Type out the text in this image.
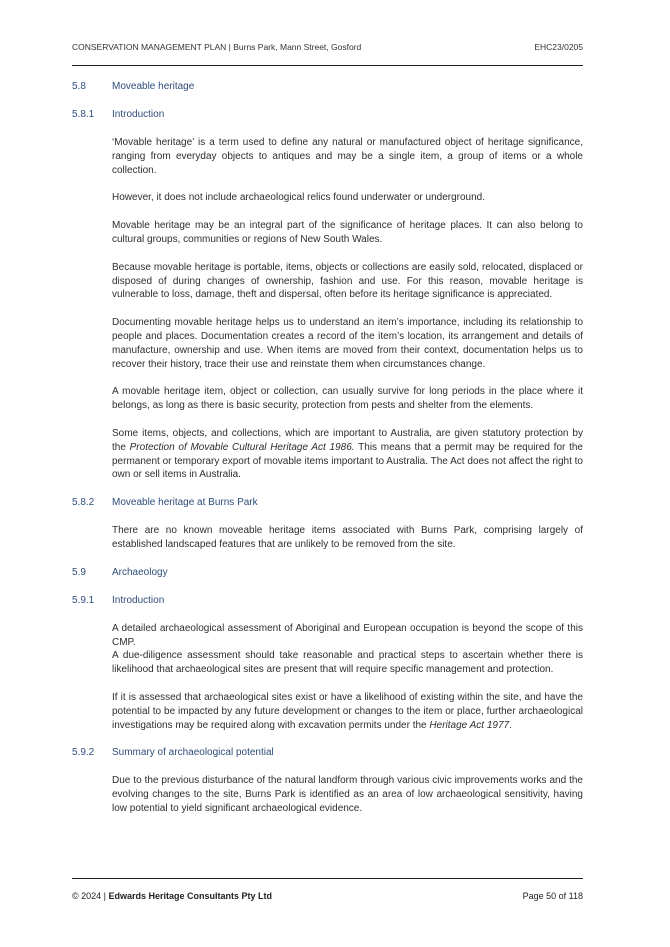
CONSERVATION MANAGEMENT PLAN | Burns Park, Mann Street, Gosford	EHC23/0205
5.8	Moveable heritage
5.8.1	Introduction

‘Movable heritage’ is a term used to define any natural or manufactured object of heritage significance, ranging from everyday objects to antiques and may be a single item, a group of items or a whole collection.

However, it does not include archaeological relics found underwater or underground.

Movable heritage may be an integral part of the significance of heritage places. It can also belong to cultural groups, communities or regions of New South Wales.

Because movable heritage is portable, items, objects or collections are easily sold, relocated, displaced or disposed of during changes of ownership, fashion and use. For this reason, movable heritage is vulnerable to loss, damage, theft and dispersal, often before its heritage significance is appreciated.

Documenting movable heritage helps us to understand an item’s importance, including its relationship to people and places. Documentation creates a record of the item’s location, its arrangement and details of manufacture, ownership and use. When items are moved from their context, documentation helps us to recover their history, trace their use and reinstate them when circumstances change.

A movable heritage item, object or collection, can usually survive for long periods in the place where it belongs, as long as there is basic security, protection from pests and shelter from the elements.

Some items, objects, and collections, which are important to Australia, are given statutory protection by the Protection of Movable Cultural Heritage Act 1986. This means that a permit may be required for the permanent or temporary export of movable items important to Australia. The Act does not affect the right to own or sell items in Australia.

5.8.2	Moveable heritage at Burns Park

There are no known moveable heritage items associated with Burns Park, comprising largely of established landscaped features that are unlikely to be removed from the site.

5.9	Archaeology
5.9.1	Introduction

A detailed archaeological assessment of Aboriginal and European occupation is beyond the scope of this CMP.

A due-diligence assessment should take reasonable and practical steps to ascertain whether there is likelihood that archaeological sites are present that will require specific management and protection.

If it is assessed that archaeological sites exist or have a likelihood of existing within the site, and have the potential to be impacted by any future development or changes to the item or place, further archaeological investigations may be required along with excavation permits under the Heritage Act 1977.

5.9.2	Summary of archaeological potential

Due to the previous disturbance of the natural landform through various civic improvements works and the evolving changes to the site, Burns Park is identified as an area of low archaeological sensitivity, having low potential to yield significant archaeological evidence.

© 2024 | Edwards Heritage Consultants Pty Ltd	Page 50 of 118
